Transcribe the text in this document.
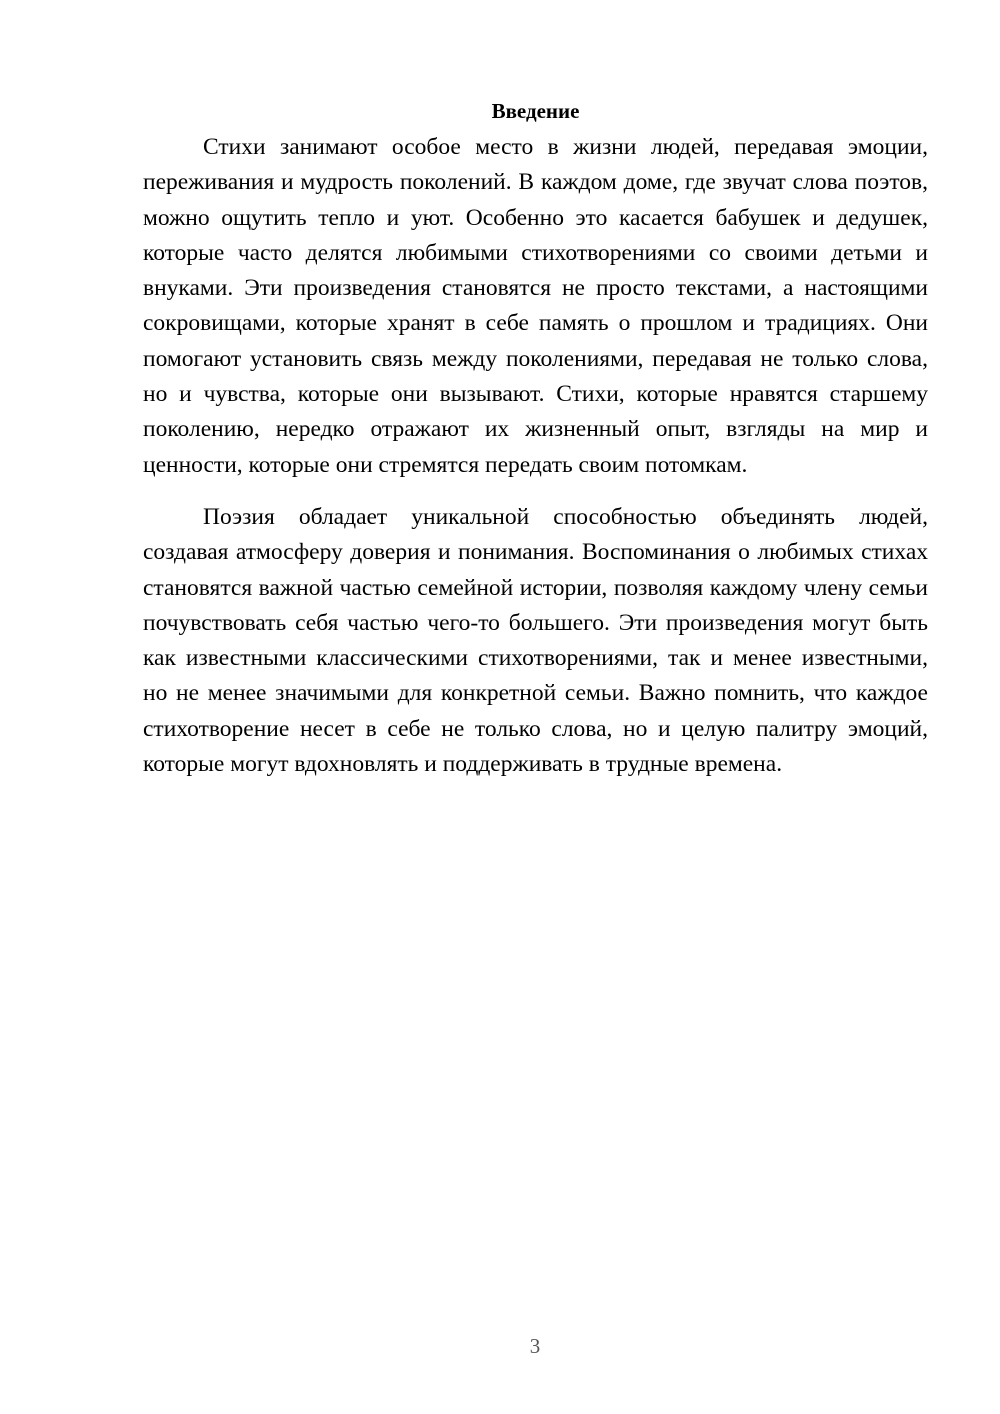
Введение

Стихи занимают особое место в жизни людей, передавая эмоции, переживания и мудрость поколений. В каждом доме, где звучат слова поэтов, можно ощутить тепло и уют. Особенно это касается бабушек и дедушек, которые часто делятся любимыми стихотворениями со своими детьми и внуками. Эти произведения становятся не просто текстами, а настоящими сокровищами, которые хранят в себе память о прошлом и традициях. Они помогают установить связь между поколениями, передавая не только слова, но и чувства, которые они вызывают. Стихи, которые нравятся старшему поколению, нередко отражают их жизненный опыт, взгляды на мир и ценности, которые они стремятся передать своим потомкам.

Поэзия обладает уникальной способностью объединять людей, создавая атмосферу доверия и понимания. Воспоминания о любимых стихах становятся важной частью семейной истории, позволяя каждому члену семьи почувствовать себя частью чего-то большего. Эти произведения могут быть как известными классическими стихотворениями, так и менее известными, но не менее значимыми для конкретной семьи. Важно помнить, что каждое стихотворение несет в себе не только слова, но и целую палитру эмоций, которые могут вдохновлять и поддерживать в трудные времена.

3
